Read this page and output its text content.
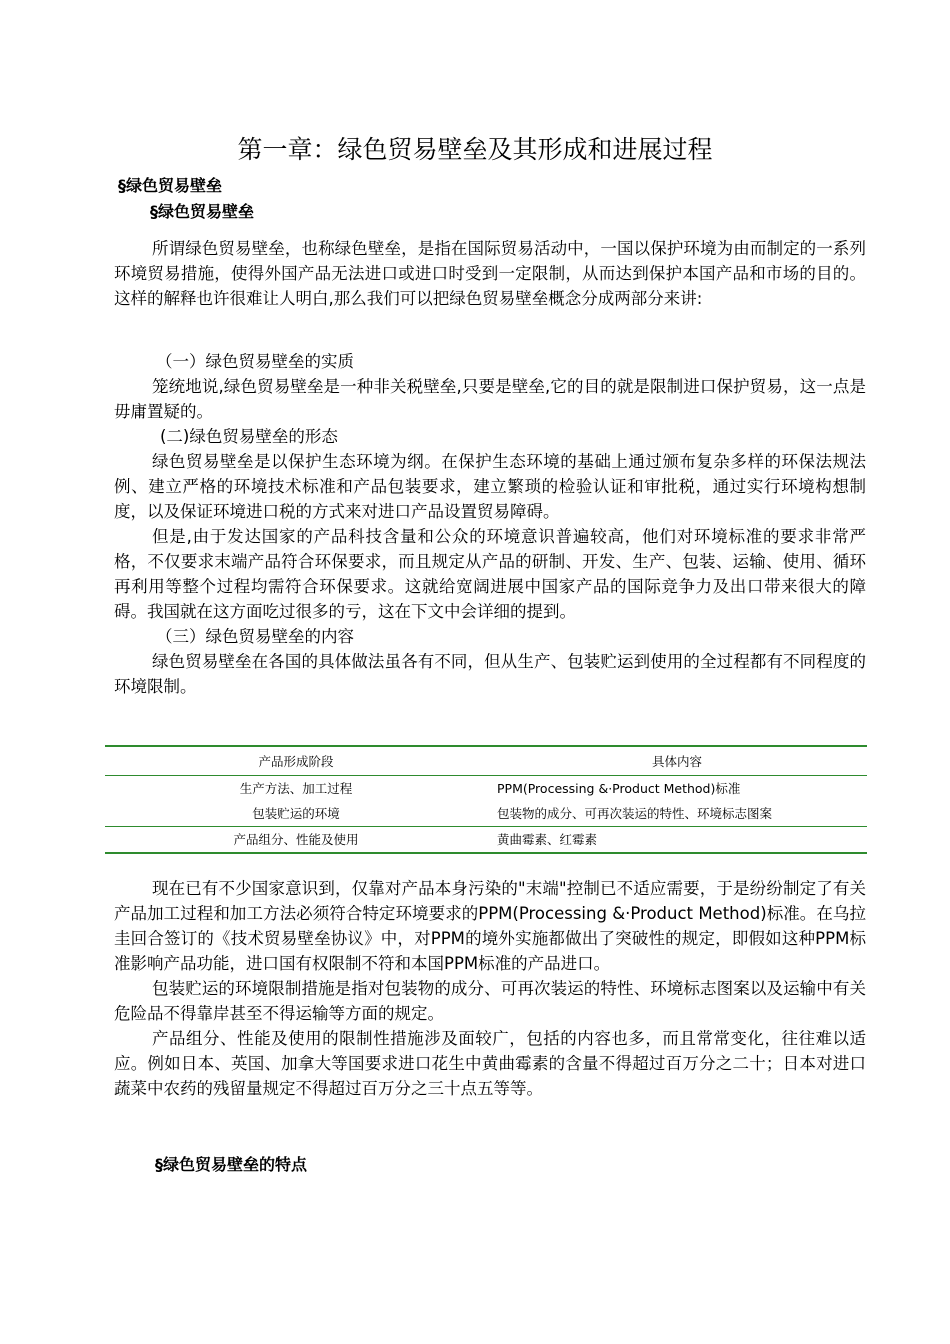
第一章：绿色贸易壁垒及其形成和进展过程
§绿色贸易壁垒
§绿色贸易壁垒

所谓绿色贸易壁垒，也称绿色壁垒，是指在国际贸易活动中，一国以保护环境为由而制定的一系列环境贸易措施，使得外国产品无法进口或进口时受到一定限制，从而达到保护本国产品和市场的目的。这样的解释也许很难让人明白,那么我们可以把绿色贸易壁垒概念分成两部分来讲:

（一）绿色贸易壁垒的实质

笼统地说,绿色贸易壁垒是一种非关税壁垒,只要是壁垒,它的目的就是限制进口保护贸易，这一点是毋庸置疑的。

(二)绿色贸易壁垒的形态

绿色贸易壁垒是以保护生态环境为纲。在保护生态环境的基础上通过颁布复杂多样的环保法规法例、建立严格的环境技术标准和产品包装要求，建立繁琐的检验认证和审批税，通过实行环境构想制度，以及保证环境进口税的方式来对进口产品设置贸易障碍。

但是,由于发达国家的产品科技含量和公众的环境意识普遍较高，他们对环境标准的要求非常严格，不仅要求末端产品符合环保要求，而且规定从产品的研制、开发、生产、包装、运输、使用、循环再利用等整个过程均需符合环保要求。这就给宽阔进展中国家产品的国际竞争力及出口带来很大的障碍。我国就在这方面吃过很多的亏，这在下文中会详细的提到。

（三）绿色贸易壁垒的内容

绿色贸易壁垒在各国的具体做法虽各有不同，但从生产、包装贮运到使用的全过程都有不同程度的环境限制。

产品形成阶段	具体内容
生产方法、加工过程	PPM(Processing &·Product Method)标准
包装贮运的环境	包装物的成分、可再次装运的特性、环境标志图案
产品组分、性能及使用	黄曲霉素、红霉素

现在已有不少国家意识到，仅靠对产品本身污染的"末端"控制已不适应需要，于是纷纷制定了有关产品加工过程和加工方法必须符合特定环境要求的PPM(Processing &·Product Method)标准。在乌拉圭回合签订的《技术贸易壁垒协议》中，对PPM的境外实施都做出了突破性的规定，即假如这种PPM标准影响产品功能，进口国有权限制不符和本国PPM标准的产品进口。

包装贮运的环境限制措施是指对包装物的成分、可再次装运的特性、环境标志图案以及运输中有关危险品不得靠岸甚至不得运输等方面的规定。

产品组分、性能及使用的限制性措施涉及面较广，包括的内容也多，而且常常变化，往往难以适应。例如日本、英国、加拿大等国要求进口花生中黄曲霉素的含量不得超过百万分之二十；日本对进口蔬菜中农药的残留量规定不得超过百万分之三十点五等等。

§绿色贸易壁垒的特点
